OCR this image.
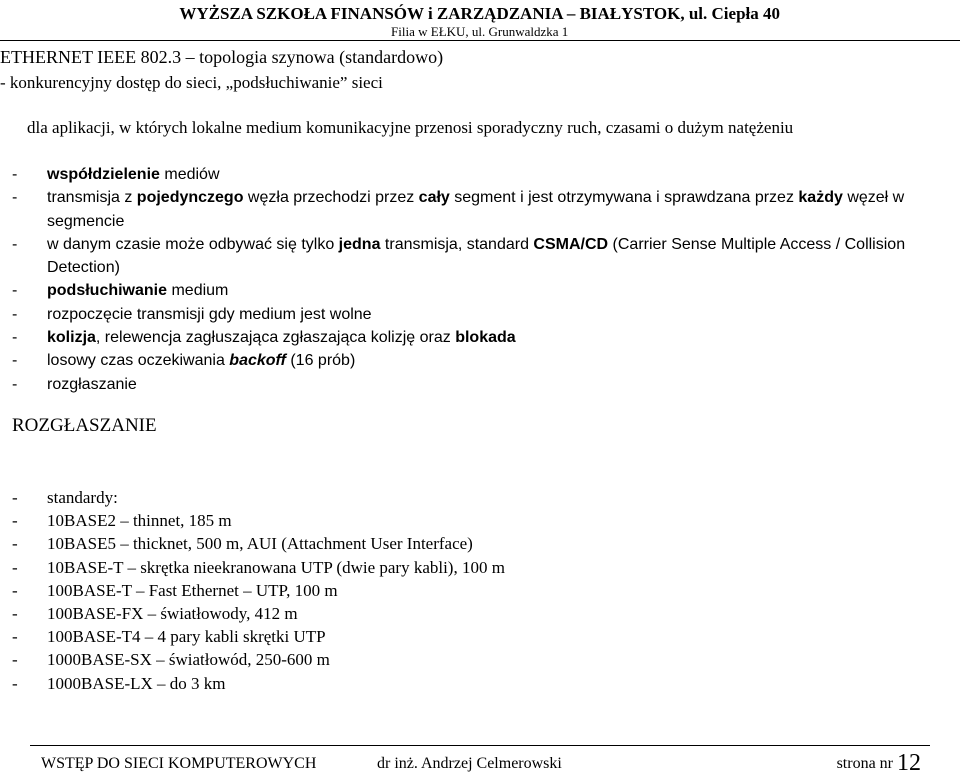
WYŻSZA SZKOŁA FINANSÓW i ZARZĄDZANIA – BIAŁYSTOK, ul. Ciepła 40
Filia w EŁKU, ul. Grunwaldzka 1
ETHERNET IEEE 802.3 – topologia szynowa (standardowo)
- konkurencyjny dostęp do sieci, „podsłuchiwanie” sieci
dla aplikacji, w których lokalne medium komunikacyjne przenosi sporadyczny ruch, czasami o dużym natężeniu
- współdzielenie mediów
- transmisja z pojedynczego węzła przechodzi przez cały segment i jest otrzymywana i sprawdzana przez każdy węzeł w segmencie
- w danym czasie może odbywać się tylko jedna transmisja, standard CSMA/CD (Carrier Sense Multiple Access / Collision Detection)
- podsłuchiwanie medium
- rozpoczęcie transmisji gdy medium jest wolne
- kolizja, relewencja zagłuszająca zgłaszająca kolizję oraz blokada
- losowy czas oczekiwania backoff (16 prób)
- rozgłaszanie
ROZGŁASZANIE
- standardy:
- 10BASE2 – thinnet, 185 m
- 10BASE5 – thicknet, 500 m, AUI (Attachment User Interface)
- 10BASE-T – skrętka nieekranowana UTP (dwie pary kabli), 100 m
- 100BASE-T – Fast Ethernet – UTP, 100 m
- 100BASE-FX – światłowody, 412 m
- 100BASE-T4 – 4 pary kabli skrętki UTP
- 1000BASE-SX – światłowód, 250-600 m
- 1000BASE-LX – do 3 km
WSTĘP DO SIECI KOMPUTEROWYCH	dr inż. Andrzej Celmerowski	strona nr 12
